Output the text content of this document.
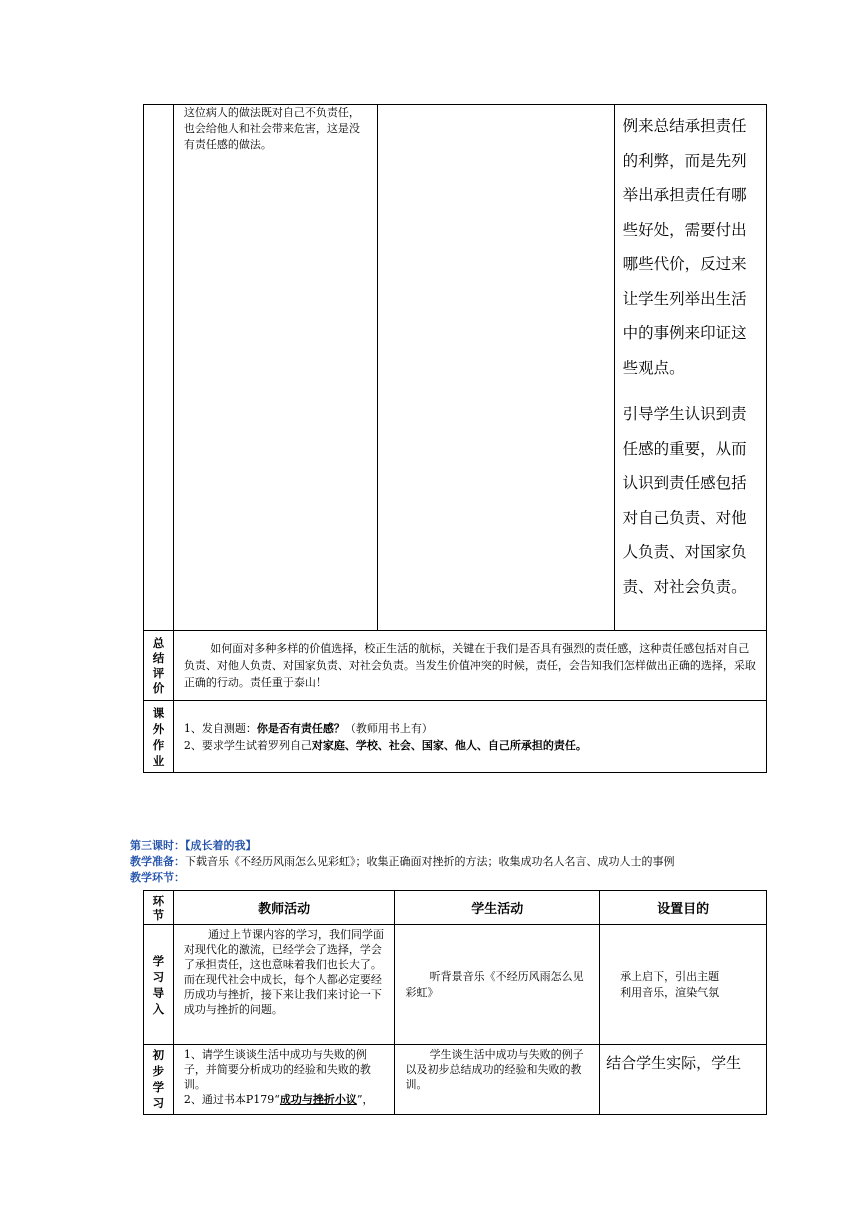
	这位病人的做法既对自己不负责任，也会给他人和社会带来危害，这是没有责任感的做法。		例来总结承担责任的利弊，而是先列举出承担责任有哪些好处，需要付出哪些代价，反过来让学生列举出生活中的事例来印证这些观点。
引导学生认识到责任感的重要，从而认识到责任感包括对自己负责、对他人负责、对国家负责、对社会负责。

总结评价	如何面对多种多样的价值选择，校正生活的航标，关键在于我们是否具有强烈的责任感，这种责任感包括对自己负责、对他人负责、对国家负责、对社会负责。当发生价值冲突的时候，责任，会告知我们怎样做出正确的选择，采取正确的行动。责任重于泰山！		

课外作业	1、发自测题：你是否有责任感？（教师用书上有）
2、要求学生试着罗列自己对家庭、学校、社会、国家、他人、自己所承担的责任。		
第三课时：【成长着的我】
教学准备：下载音乐《不经历风雨怎么见彩虹》；收集正确面对挫折的方法；收集成功名人名言、成功人士的事例
教学环节：
环节	教师活动	学生活动	设置目的

学习导入	通过上节课内容的学习，我们同学面对现代化的激流，已经学会了选择，学会了承担责任，这也意味着我们也长大了。而在现代社会中成长，每个人都必定要经历成功与挫折，接下来让我们来讨论一下成功与挫折的问题。	听背景音乐《不经历风雨怎么见彩虹》	承上启下，引出主题
利用音乐，渲染气氛

初步学习	1、请学生谈谈生活中成功与失败的例子，并简要分析成功的经验和失败的教训。
2、通过书本P179“成功与挫折小议”，	学生谈生活中成功与失败的例子以及初步总结成功的经验和失败的教训。	结合学生实际，学生
